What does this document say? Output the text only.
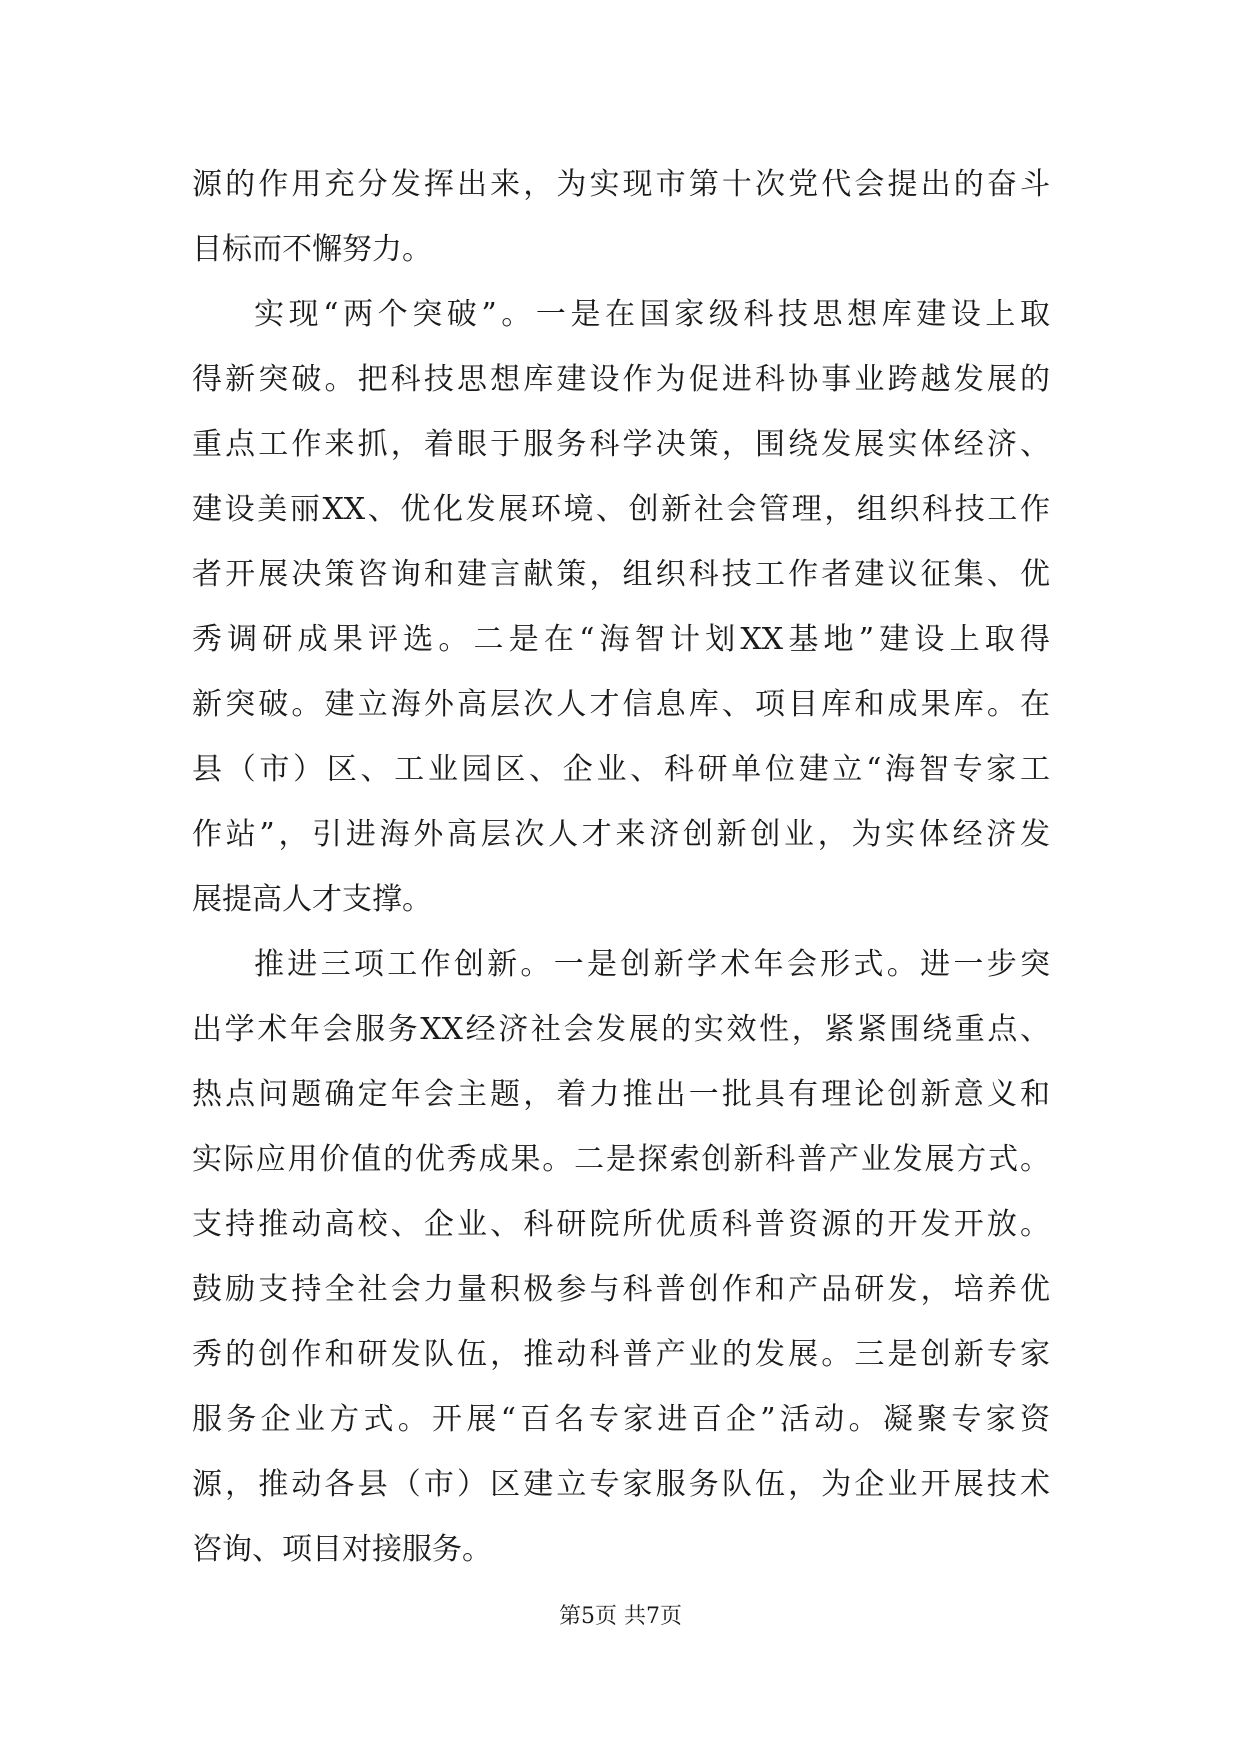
源的作用充分发挥出来，为实现市第十次党代会提出的奋斗
目标而不懈努力。
实现“两个突破”。一是在国家级科技思想库建设上取
得新突破。把科技思想库建设作为促进科协事业跨越发展的
重点工作来抓，着眼于服务科学决策，围绕发展实体经济、
建设美丽XX、优化发展环境、创新社会管理，组织科技工作
者开展决策咨询和建言献策，组织科技工作者建议征集、优
秀调研成果评选。二是在“海智计划XX基地”建设上取得
新突破。建立海外高层次人才信息库、项目库和成果库。在
县（市）区、工业园区、企业、科研单位建立“海智专家工
作站”，引进海外高层次人才来济创新创业，为实体经济发
展提高人才支撑。
推进三项工作创新。一是创新学术年会形式。进一步突
出学术年会服务XX经济社会发展的实效性，紧紧围绕重点、
热点问题确定年会主题，着力推出一批具有理论创新意义和
实际应用价值的优秀成果。二是探索创新科普产业发展方式。
支持推动高校、企业、科研院所优质科普资源的开发开放。
鼓励支持全社会力量积极参与科普创作和产品研发，培养优
秀的创作和研发队伍，推动科普产业的发展。三是创新专家
服务企业方式。开展“百名专家进百企”活动。凝聚专家资
源，推动各县（市）区建立专家服务队伍，为企业开展技术
咨询、项目对接服务。
第5页 共7页
